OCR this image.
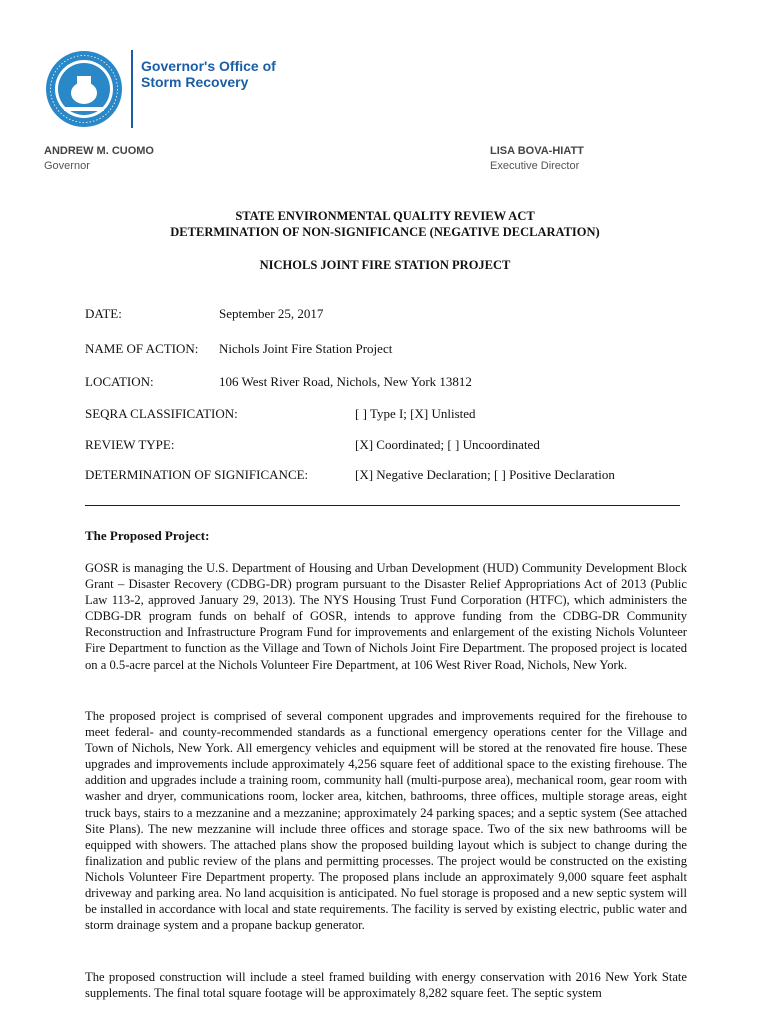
Governor's Office of
Storm Recovery
ANDREW M. CUOMO
Governor
LISA BOVA-HIATT
Executive Director
STATE ENVIRONMENTAL QUALITY REVIEW ACT
DETERMINATION OF NON-SIGNIFICANCE (NEGATIVE DECLARATION)
NICHOLS JOINT FIRE STATION PROJECT
DATE:	September 25, 2017
NAME OF ACTION: Nichols Joint Fire Station Project
LOCATION:	106 West River Road, Nichols, New York 13812
SEQRA CLASSIFICATION:	[ ] Type I; [X] Unlisted
REVIEW TYPE:	[X] Coordinated; [ ] Uncoordinated
DETERMINATION OF SIGNIFICANCE:	[X] Negative Declaration; [ ] Positive Declaration
The Proposed Project:

GOSR is managing the U.S. Department of Housing and Urban Development (HUD) Community Development Block Grant – Disaster Recovery (CDBG-DR) program pursuant to the Disaster Relief Appropriations Act of 2013 (Public Law 113-2, approved January 29, 2013). The NYS Housing Trust Fund Corporation (HTFC), which administers the CDBG-DR program funds on behalf of GOSR, intends to approve funding from the CDBG-DR Community Reconstruction and Infrastructure Program Fund for improvements and enlargement of the existing Nichols Volunteer Fire Department to function as the Village and Town of Nichols Joint Fire Department. The proposed project is located on a 0.5-acre parcel at the Nichols Volunteer Fire Department, at 106 West River Road, Nichols, New York.

The proposed project is comprised of several component upgrades and improvements required for the firehouse to meet federal- and county-recommended standards as a functional emergency operations center for the Village and Town of Nichols, New York. All emergency vehicles and equipment will be stored at the renovated fire house. These upgrades and improvements include approximately 4,256 square feet of additional space to the existing firehouse. The addition and upgrades include a training room, community hall (multi-purpose area), mechanical room, gear room with washer and dryer, communications room, locker area, kitchen, bathrooms, three offices, multiple storage areas, eight truck bays, stairs to a mezzanine and a mezzanine; approximately 24 parking spaces; and a septic system (See attached Site Plans). The new mezzanine will include three offices and storage space. Two of the six new bathrooms will be equipped with showers. The attached plans show the proposed building layout which is subject to change during the finalization and public review of the plans and permitting processes. The project would be constructed on the existing Nichols Volunteer Fire Department property. The proposed plans include an approximately 9,000 square feet asphalt driveway and parking area. No land acquisition is anticipated. No fuel storage is proposed and a new septic system will be installed in accordance with local and state requirements. The facility is served by existing electric, public water and storm drainage system and a propane backup generator.

The proposed construction will include a steel framed building with energy conservation with 2016 New York State supplements. The final total square footage will be approximately 8,282 square feet. The septic system
